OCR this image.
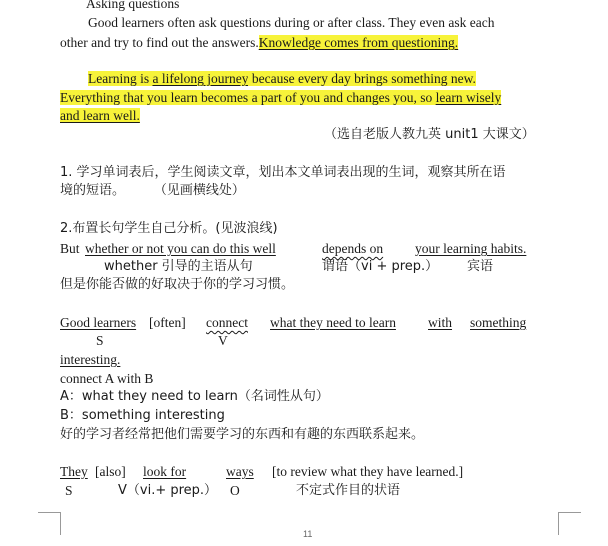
Asking questions
Good learners often ask questions during or after class. They even ask each
other and try to find out the answers.Knowledge comes from questioning.
Learning is a lifelong journey because every day brings something new.
Everything that you learn becomes a part of you and changes you, so learn wisely
and learn well.
（选自老版人教九英 unit1 大课文）
1. 学习单词表后，学生阅读文章，划出本文单词表出现的生词，观察其所在语
境的短语。       （见画横线处）
2.布置长句学生自己分析。(见波浪线)
But whether or not you can do this well	depends on your learning habits.
whether 引导的主语从句	谓语（vi + prep.） 宾语
但是你能否做的好取决于你的学习习惯。
Good learners [often] connect what they need to learn with something
S	V
interesting.
connect A with B
A：what they need to learn（名词性从句）
B：something interesting
好的学习者经常把他们需要学习的东西和有趣的东西联系起来。
They [also] look for	ways [to review what they have learned.]
S	V（vi.+ prep.） O	不定式作目的状语
11
